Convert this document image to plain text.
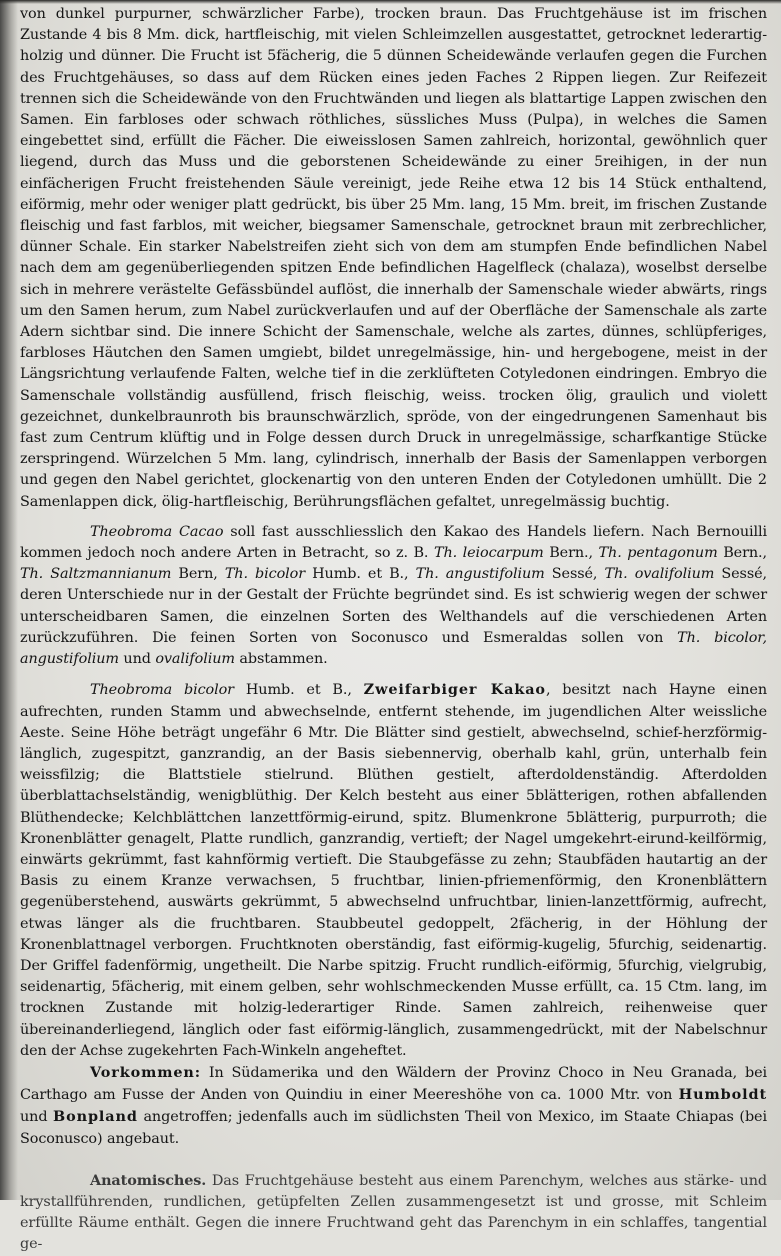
von dunkel purpurner, schwärzlicher Farbe), trocken braun. Das Fruchtgehäuse ist im frischen Zustande 4 bis 8 Mm. dick, hartfleischig, mit vielen Schleimzellen ausgestattet, getrocknet lederartig-holzig und dünner. Die Frucht ist 5fächerig, die 5 dünnen Scheidewände verlaufen gegen die Furchen des Fruchtgehäuses, so dass auf dem Rücken eines jeden Faches 2 Rippen liegen. Zur Reifezeit trennen sich die Scheidewände von den Fruchtwänden und liegen als blattartige Lappen zwischen den Samen. Ein farbloses oder schwach röthliches, süssliches Muss (Pulpa), in welches die Samen eingebettet sind, erfüllt die Fächer. Die eiweisslosen Samen zahlreich, horizontal, gewöhnlich quer liegend, durch das Muss und die geborstenen Scheidewände zu einer 5reihigen, in der nun einfächerigen Frucht freistehenden Säule vereinigt, jede Reihe etwa 12 bis 14 Stück enthaltend, eiförmig, mehr oder weniger platt gedrückt, bis über 25 Mm. lang, 15 Mm. breit, im frischen Zustande fleischig und fast farblos, mit weicher, biegsamer Samenschale, getrocknet braun mit zerbrechlicher, dünner Schale. Ein starker Nabelstreifen zieht sich von dem am stumpfen Ende befindlichen Nabel nach dem am gegenüberliegenden spitzen Ende befindlichen Hagelfleck (chalaza), woselbst derselbe sich in mehrere verästelte Gefässbündel auflöst, die innerhalb der Samenschale wieder abwärts, rings um den Samen herum, zum Nabel zurückverlaufen und auf der Oberfläche der Samenschale als zarte Adern sichtbar sind. Die innere Schicht der Samenschale, welche als zartes, dünnes, schlüpferiges, farbloses Häutchen den Samen umgiebt, bildet unregelmässige, hin- und hergebogene, meist in der Längsrichtung verlaufende Falten, welche tief in die zerklüfteten Cotyledonen eindringen. Embryo die Samenschale vollständig ausfüllend, frisch fleischig, weiss. trocken ölig, graulich und violett gezeichnet, dunkelbraunroth bis braunschwärzlich, spröde, von der eingedrungenen Samenhaut bis fast zum Centrum klüftig und in Folge dessen durch Druck in unregelmässige, scharfkantige Stücke zerspringend. Würzelchen 5 Mm. lang, cylindrisch, innerhalb der Basis der Samenlappen verborgen und gegen den Nabel gerichtet, glockenartig von den unteren Enden der Cotyledonen umhüllt. Die 2 Samenlappen dick, ölig-hartfleischig, Berührungsflächen gefaltet, unregelmässig buchtig.

Theobroma Cacao soll fast ausschliesslich den Kakao des Handels liefern. Nach Bernouilli kommen jedoch noch andere Arten in Betracht, so z. B. Th. leiocarpum Bern., Th. pentagonum Bern., Th. Saltzmannianum Bern, Th. bicolor Humb. et B., Th. angustifolium Sessé, Th. ovalifolium Sessé, deren Unterschiede nur in der Gestalt der Früchte begründet sind. Es ist schwierig wegen der schwer unterscheidbaren Samen, die einzelnen Sorten des Welthandels auf die verschiedenen Arten zurückzuführen. Die feinen Sorten von Soconusco und Esmeraldas sollen von Th. bicolor, angustifolium und ovalifolium abstammen.

Theobroma bicolor Humb. et B., Zweifarbiger Kakao, besitzt nach Hayne einen aufrechten, runden Stamm und abwechselnde, entfernt stehende, im jugendlichen Alter weissliche Aeste. Seine Höhe beträgt ungefähr 6 Mtr. Die Blätter sind gestielt, abwechselnd, schief-herzförmig-länglich, zugespitzt, ganzrandig, an der Basis siebennervig, oberhalb kahl, grün, unterhalb fein weissfilzig; die Blattstiele stielrund. Blüthen gestielt, afterdoldenständig. Afterdolden überblattachselständig, wenigblüthig. Der Kelch besteht aus einer 5blätterigen, rothen abfallenden Blüthendecke; Kelchblättchen lanzettförmig-eirund, spitz. Blumenkrone 5blätterig, purpurroth; die Kronenblätter genagelt, Platte rundlich, ganzrandig, vertieft; der Nagel umgekehrt-eirund-keilförmig, einwärts gekrümmt, fast kahnförmig vertieft. Die Staubgefässe zu zehn; Staubfäden hautartig an der Basis zu einem Kranze verwachsen, 5 fruchtbar, linien-pfriemenförmig, den Kronenblättern gegenüberstehend, auswärts gekrümmt, 5 abwechselnd unfruchtbar, linien-lanzettförmig, aufrecht, etwas länger als die fruchtbaren. Staubbeutel gedoppelt, 2fächerig, in der Höhlung der Kronenblattnagel verborgen. Fruchtknoten oberständig, fast eiförmig-kugelig, 5furchig, seidenartig. Der Griffel fadenförmig, ungetheilt. Die Narbe spitzig. Frucht rundlich-eiförmig, 5furchig, vielgrubig, seidenartig, 5fächerig, mit einem gelben, sehr wohlschmeckenden Musse erfüllt, ca. 15 Ctm. lang, im trocknen Zustande mit holzig-lederartiger Rinde. Samen zahlreich, reihenweise quer übereinanderliegend, länglich oder fast eiförmig-länglich, zusammengedrückt, mit der Nabelschnur den der Achse zugekehrten Fach-Winkeln angeheftet.

Vorkommen: In Südamerika und den Wäldern der Provinz Choco in Neu Granada, bei Carthago am Fusse der Anden von Quindiu in einer Meereshöhe von ca. 1000 Mtr. von Humboldt und Bonpland angetroffen; jedenfalls auch im südlichsten Theil von Mexico, im Staate Chiapas (bei Soconusco) angebaut.

Anatomisches. Das Fruchtgehäuse besteht aus einem Parenchym, welches aus stärke- und krystallführenden, rundlichen, getüpfelten Zellen zusammengesetzt ist und grosse, mit Schleim erfüllte Räume enthält. Gegen die innere Fruchtwand geht das Parenchym in ein schlaffes, tangential ge-
